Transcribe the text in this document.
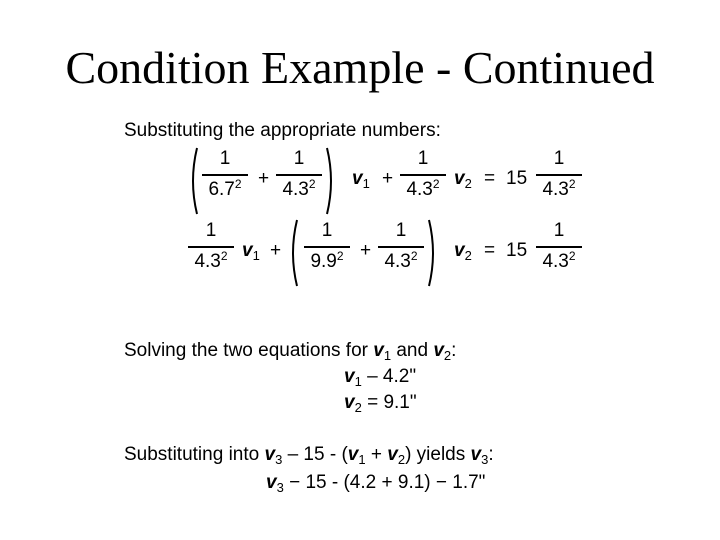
Condition Example - Continued
Substituting the appropriate numbers:
1
$6.7^2$ +
1
$4.3^2$	$v_1$ +
1
$4.3^2$ $v_2 = 15$
1
$4.3^2$
1
$4.3^2$ $v_1$ +
1
$9.9^2$ +
1
$4.3^2$	$v_2 = 15$
1
$4.3^2$
Solving the two equations for $v_1$ and $v_2$:
$v_1 - 4.2$"
$v_2 = 9.1$"
Substituting into $v_3 - 15 - (v_1 + v_2)$ yields $v_3$:
$v_3 - 15 - (4.2 + 9.1) - 1.7$"
